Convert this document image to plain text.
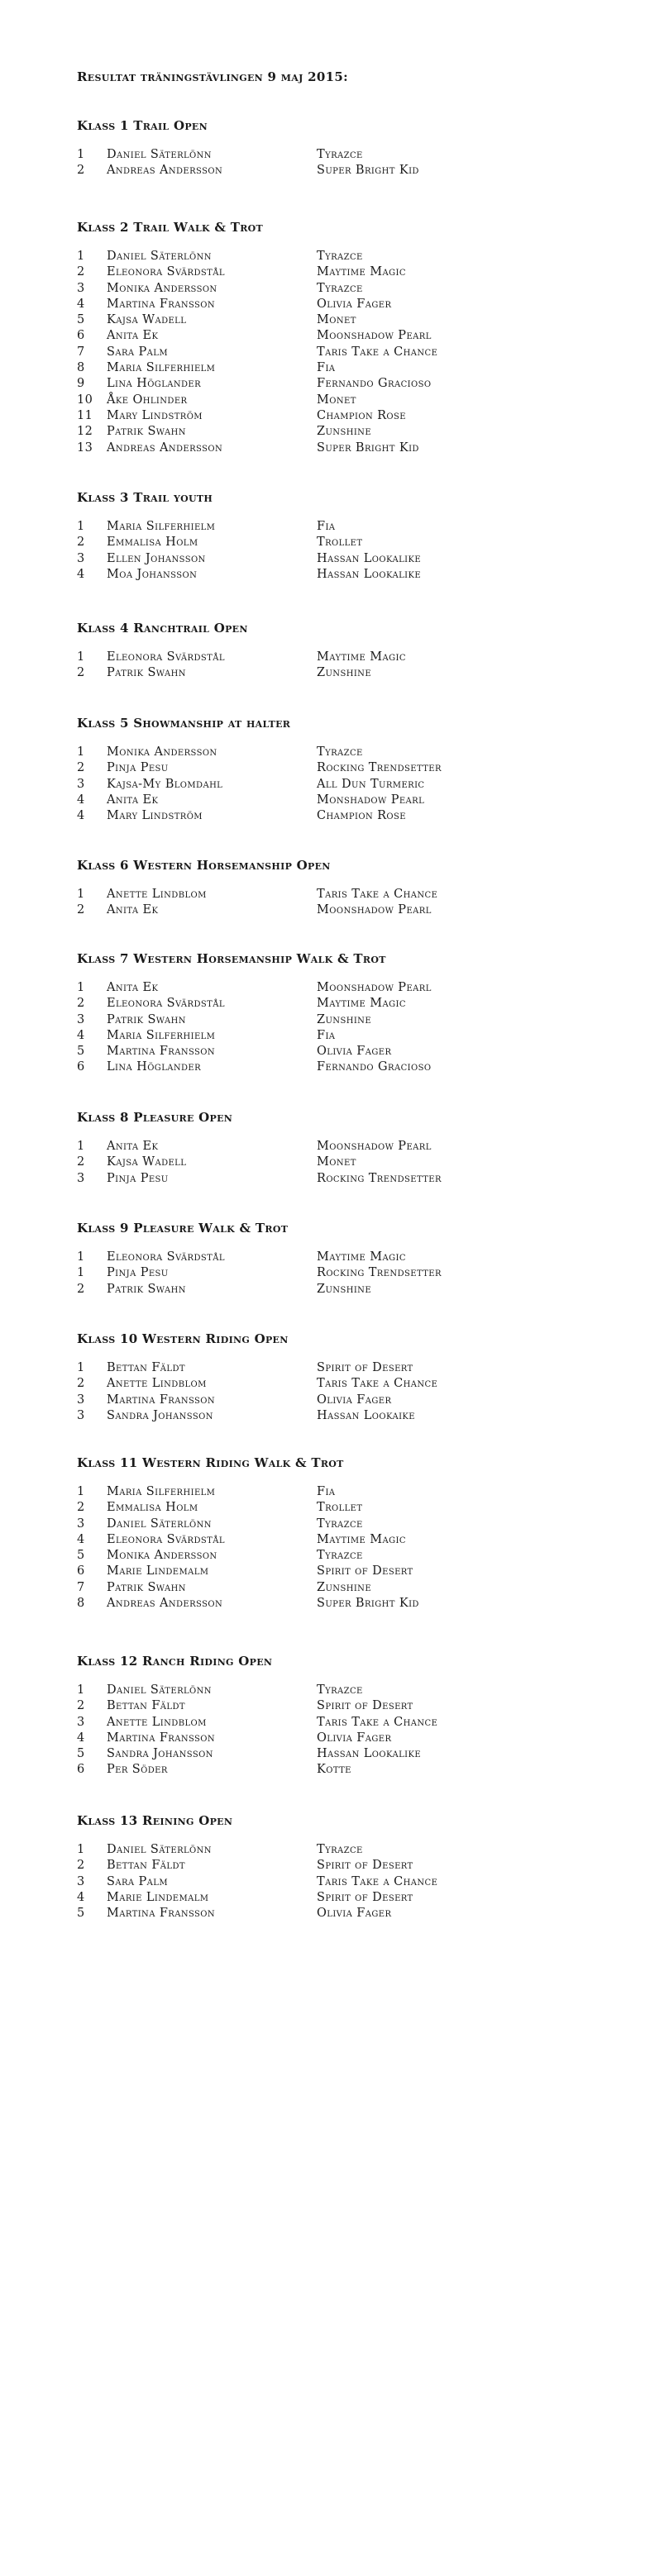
Resultat träningstävlingen 9 maj 2015:
Klass 1 Trail Open
1	Daniel Säterlönn	Tyrazce
2	Andreas Andersson	Super Bright Kid
Klass 2 Trail Walk & Trot
1	Daniel Säterlönn	Tyrazce
2	Eleonora Svärdstål	Maytime Magic
3	Monika Andersson	Tyrazce
4	Martina Fransson	Olivia Fager
5	Kajsa Wadell	Monet
6	Anita Ek	Moonshadow Pearl
7	Sara Palm	Taris Take a Chance
8	Maria Silferhielm	Fia
9	Lina Höglander	Fernando Gracioso
10	Åke Ohlinder	Monet
11	Mary Lindström	Champion Rose
12	Patrik Swahn	Zunshine
13	Andreas Andersson	Super Bright Kid
Klass 3 Trail youth
1	Maria Silferhielm	Fia
2	Emmalisa Holm	Trollet
3	Ellen Johansson	Hassan Lookalike
4	Moa Johansson	Hassan Lookalike
Klass 4 Ranchtrail Open
1	Eleonora Svärdstål	Maytime Magic
2	Patrik Swahn	Zunshine
Klass 5 Showmanship at halter
1	Monika Andersson	Tyrazce
2	Pinja Pesu	Rocking Trendsetter
3	Kajsa-My Blomdahl	All Dun Turmeric
4	Anita Ek	Monshadow Pearl
4	Mary Lindström	Champion Rose
Klass 6 Western Horsemanship Open
1	Anette Lindblom	Taris Take a Chance
2	Anita Ek	Moonshadow Pearl
Klass 7 Western Horsemanship Walk & Trot
1	Anita Ek	Moonshadow Pearl
2	Eleonora Svärdstål	Maytime Magic
3	Patrik Swahn	Zunshine
4	Maria Silferhielm	Fia
5	Martina Fransson	Olivia Fager
6	Lina Höglander	Fernando Gracioso
Klass 8 Pleasure Open
1	Anita Ek	Moonshadow Pearl
2	Kajsa Wadell	Monet
3	Pinja Pesu	Rocking Trendsetter
Klass 9 Pleasure Walk & Trot
1	Eleonora Svärdstål	Maytime Magic
1	Pinja Pesu	Rocking Trendsetter
2	Patrik Swahn	Zunshine
Klass 10 Western Riding Open
1	Bettan Fäldt	Spirit of Desert
2	Anette Lindblom	Taris Take a Chance
3	Martina Fransson	Olivia Fager
3	Sandra Johansson	Hassan Lookaike
Klass 11 Western Riding Walk & Trot
1	Maria Silferhielm	Fia
2	Emmalisa Holm	Trollet
3	Daniel Säterlönn	Tyrazce
4	Eleonora Svärdstål	Maytime Magic
5	Monika Andersson	Tyrazce
6	Marie Lindemalm	Spirit of Desert
7	Patrik Swahn	Zunshine
8	Andreas Andersson	Super Bright Kid
Klass 12 Ranch Riding Open
1	Daniel Säterlönn	Tyrazce
2	Bettan Fäldt	Spirit of Desert
3	Anette Lindblom	Taris Take a Chance
4	Martina Fransson	Olivia Fager
5	Sandra Johansson	Hassan Lookalike
6	Per Söder	Kotte
Klass 13 Reining Open
1	Daniel Säterlönn	Tyrazce
2	Bettan Fäldt	Spirit of Desert
3	Sara Palm	Taris Take a Chance
4	Marie Lindemalm	Spirit of Desert
5	Martina Fransson	Olivia Fager
